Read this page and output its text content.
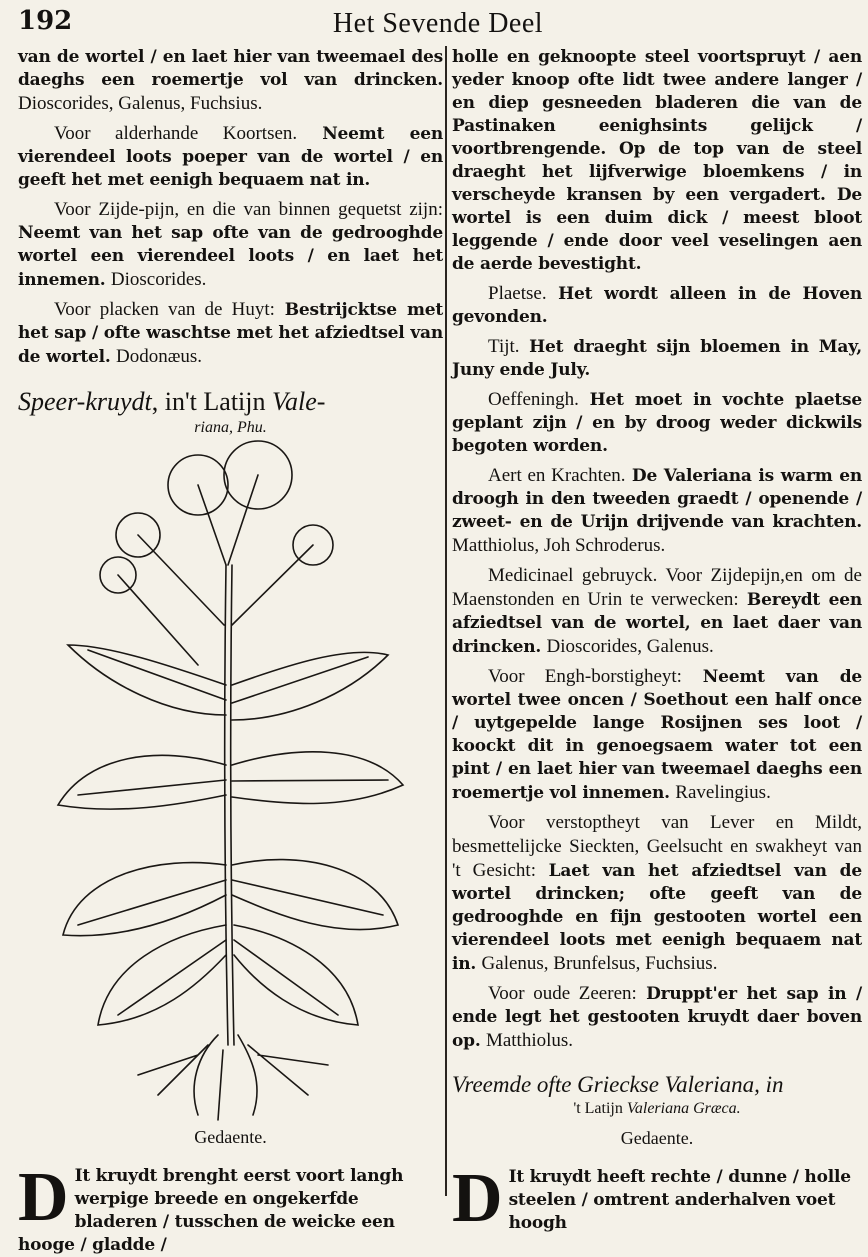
192	Het Sevende Deel

van de wortel / en laet hier van tweemael des daeghs een roemertje vol van drincken. Dioscorides, Galenus, Fuchsius.

Voor alderhande Koortsen. Neemt een vierendeel loots poeper van de wortel / en geeft het met eenigh bequaem nat in.

Voor Zijde-pijn, en die van binnen gequetst zijn: Neemt van het sap ofte van de gedrooghde wortel een vierendeel loots / en laet het innemen. Dioscorides.

Voor placken van de Huyt: Bestrijcktse met het sap / ofte waschtse met het afziedtsel van de wortel. Dodonæus.

Speer-kruydt, in't Latijn Vale-
riana, Phu.
Gedaente.

D It kruydt brenght eerst voort langh werpige breede en ongekerfde bladeren / tusschen de weicke een hooge / gladde /

holle en geknoopte steel voortspruyt / aen yeder knoop ofte lidt twee andere langer / en diep gesneeden bladeren die van de Pastinaken eenighsints gelijck / voortbrengende. Op de top van de steel draeght het lijfverwige bloemkens / in verscheyde kransen by een vergadert. De wortel is een duim dick / meest bloot leggende / ende door veel veselingen aen de aerde bevestight.

Plaetse. Het wordt alleen in de Hoven gevonden.

Tijt. Het draeght sijn bloemen in May, Juny ende July.

Oeffeningh. Het moet in vochte plaetse geplant zijn / en by droog weder dickwils begoten worden.

Aert en Krachten. De Valeriana is warm en droogh in den tweeden graedt / openende / zweet- en de Urijn drijvende van krachten. Matthiolus, Joh Schroderus.

Medicinael gebruyck. Voor Zijdepijn,en om de Maenstonden en Urin te verwecken: Bereydt een afziedtsel van de wortel, en laet daer van drincken. Dioscorides, Galenus.

Voor Engh-borstigheyt: Neemt van de wortel twee oncen / Soethout een half once / uytgepelde lange Rosijnen ses loot / koockt dit in genoegsaem water tot een pint / en laet hier van tweemael daeghs een roemertje vol innemen. Ravelingius.

Voor verstoptheyt van Lever en Mildt, besmettelijcke Sieckten, Geelsucht en swakheyt van 't Gesicht: Laet van het afziedtsel van de wortel drincken; ofte geeft van de gedrooghde en fijn gestooten wortel een vierendeel loots met eenigh bequaem nat in. Galenus, Brunfelsus, Fuchsius.

Voor oude Zeeren: Druppt'er het sap in / ende legt het gestooten kruydt daer boven op. Matthiolus.

Vreemde ofte Grieckse Valeriana, in
't Latijn Valeriana Græca.
Gedaente.

D It kruydt heeft rechte / dunne / holle steelen / omtrent anderhalven voet hoogh
